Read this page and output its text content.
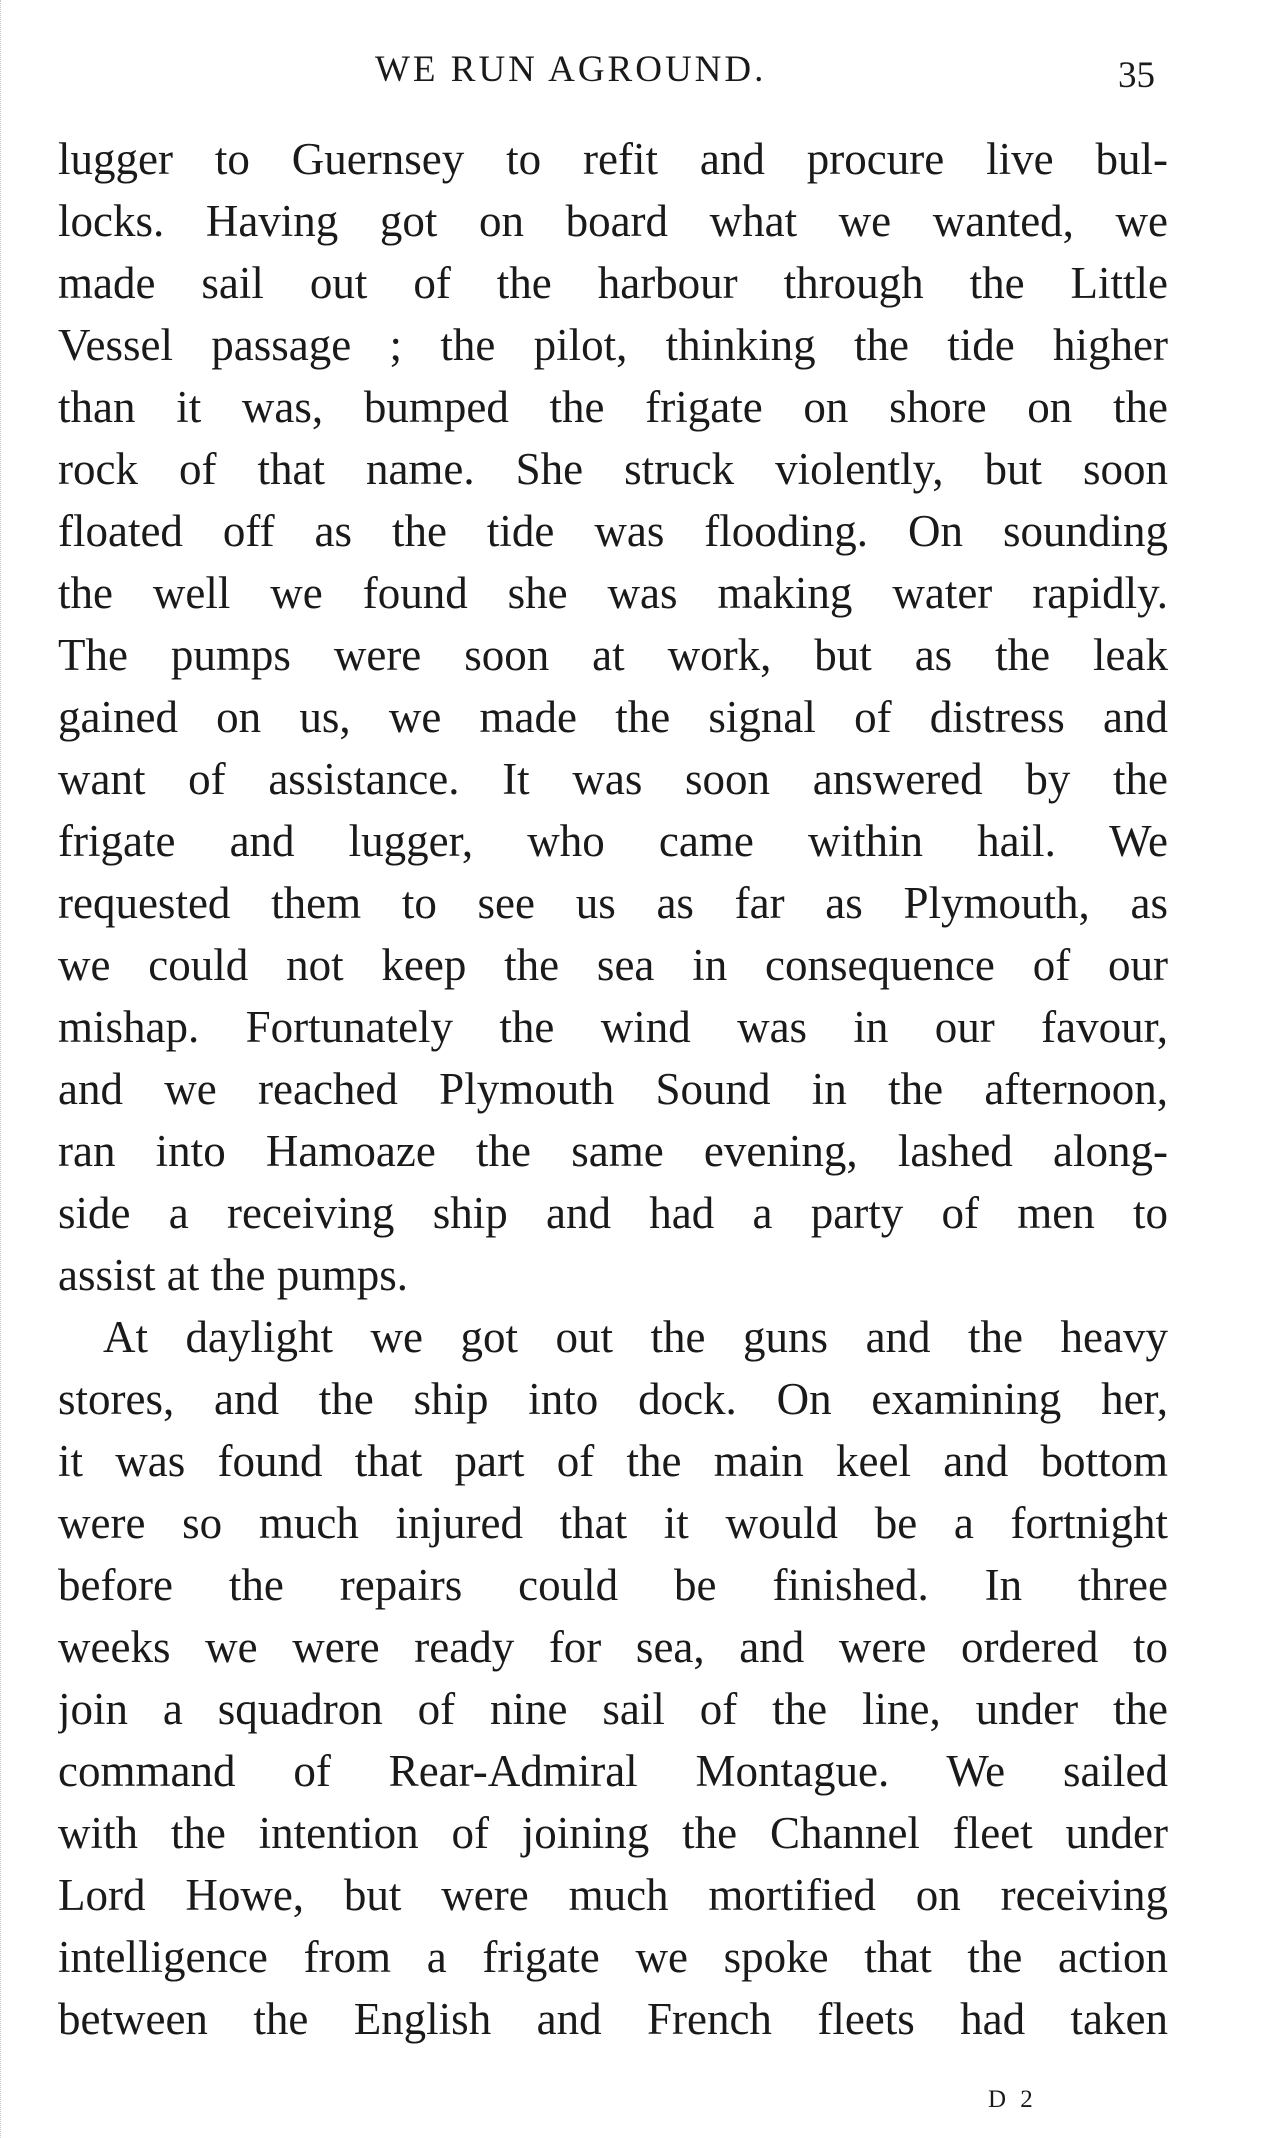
WE RUN AGROUND.	35
lugger to Guernsey to refit and procure live bul-
locks. Having got on board what we wanted, we
made sail out of the harbour through the Little
Vessel passage ; the pilot, thinking the tide higher
than it was, bumped the frigate on shore on the
rock of that name. She struck violently, but soon
floated off as the tide was flooding. On sounding
the well we found she was making water rapidly.
The pumps were soon at work, but as the leak
gained on us, we made the signal of distress and
want of assistance. It was soon answered by the
frigate and lugger, who came within hail. We
requested them to see us as far as Plymouth, as
we could not keep the sea in consequence of our
mishap. Fortunately the wind was in our favour,
and we reached Plymouth Sound in the afternoon,
ran into Hamoaze the same evening, lashed along-
side a receiving ship and had a party of men to
assist at the pumps.
At daylight we got out the guns and the heavy
stores, and the ship into dock. On examining her,
it was found that part of the main keel and bottom
were so much injured that it would be a fortnight
before the repairs could be finished. In three
weeks we were ready for sea, and were ordered to
join a squadron of nine sail of the line, under the
command of Rear-Admiral Montague. We sailed
with the intention of joining the Channel fleet under
Lord Howe, but were much mortified on receiving
intelligence from a frigate we spoke that the action
between the English and French fleets had taken
D 2
